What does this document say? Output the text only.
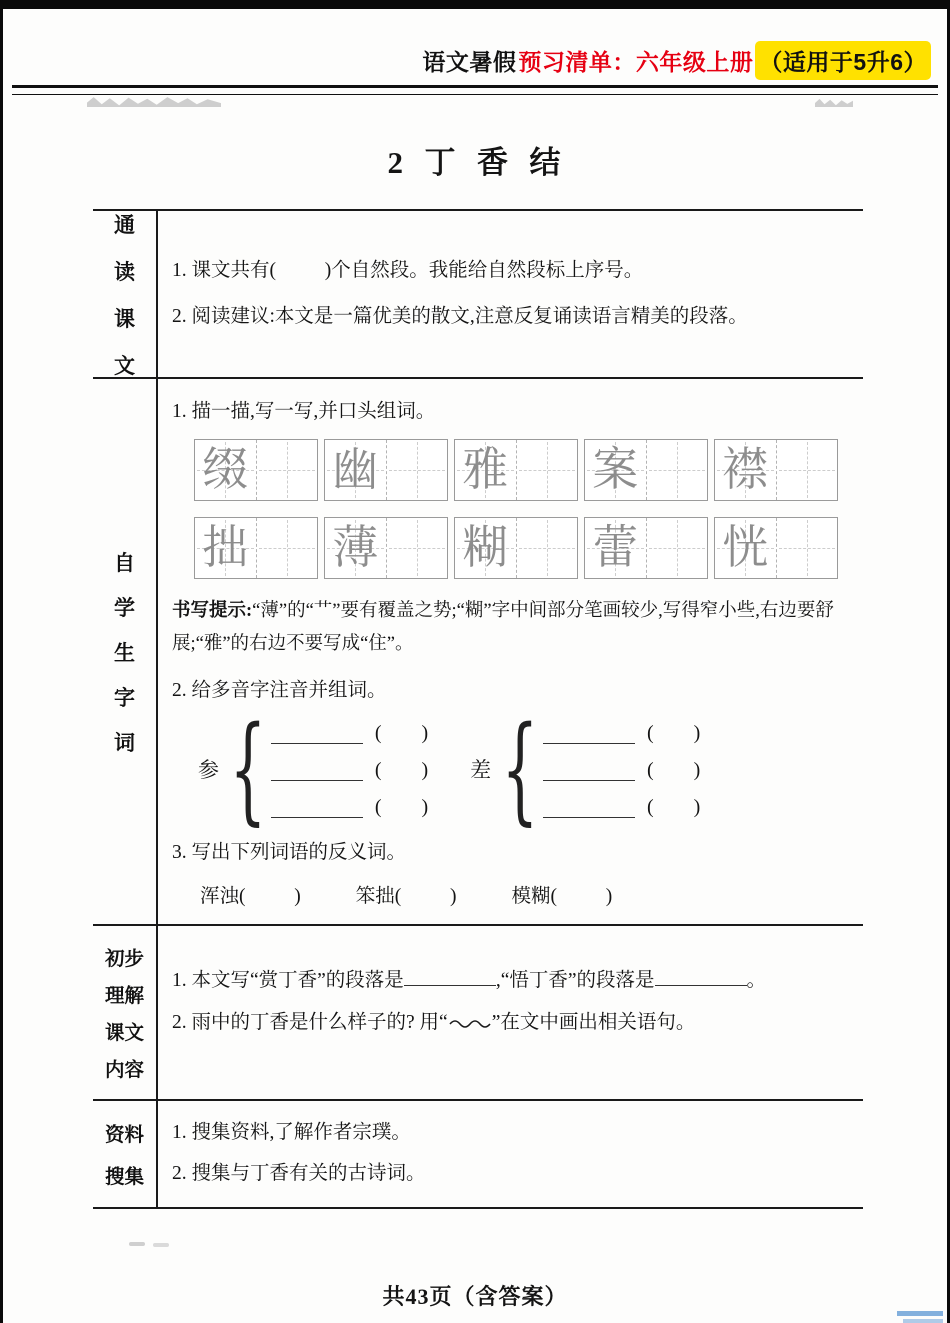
语文暑假 预习清单：六年级上册 （适用于5升6）
2  丁  香  结
通
读
课
文

1. 课文共有(          )个自然段。我能给自然段标上序号。

2. 阅读建议:本文是一篇优美的散文,注意反复诵读语言精美的段落。

自
学
生
字
词

1. 描一描,写一写,并口头组词。

缀 幽 雅 案 襟
拙 薄 糊 蕾 恍

书写提示:“薄”的“艹”要有覆盖之势;“糊”字中间部分笔画较少,写得窄小些,右边要舒展;“雅”的右边不要写成“住”。

2. 给多音字注音并组词。

参 {	(        )
(        )
(        )
差 {	(        )
(        )
(        )

3. 写出下列词语的反义词。

浑浊(          )	笨拙(          )	模糊(          )
初步
理解
课文
内容

1. 本文写“赏丁香”的段落是	,“悟丁香”的段落是	。

2. 雨中的丁香是什么样子的? 用“ ”在文中画出相关语句。

资料
搜集

1. 搜集资料,了解作者宗璞。

2. 搜集与丁香有关的古诗词。

共43页（含答案）
